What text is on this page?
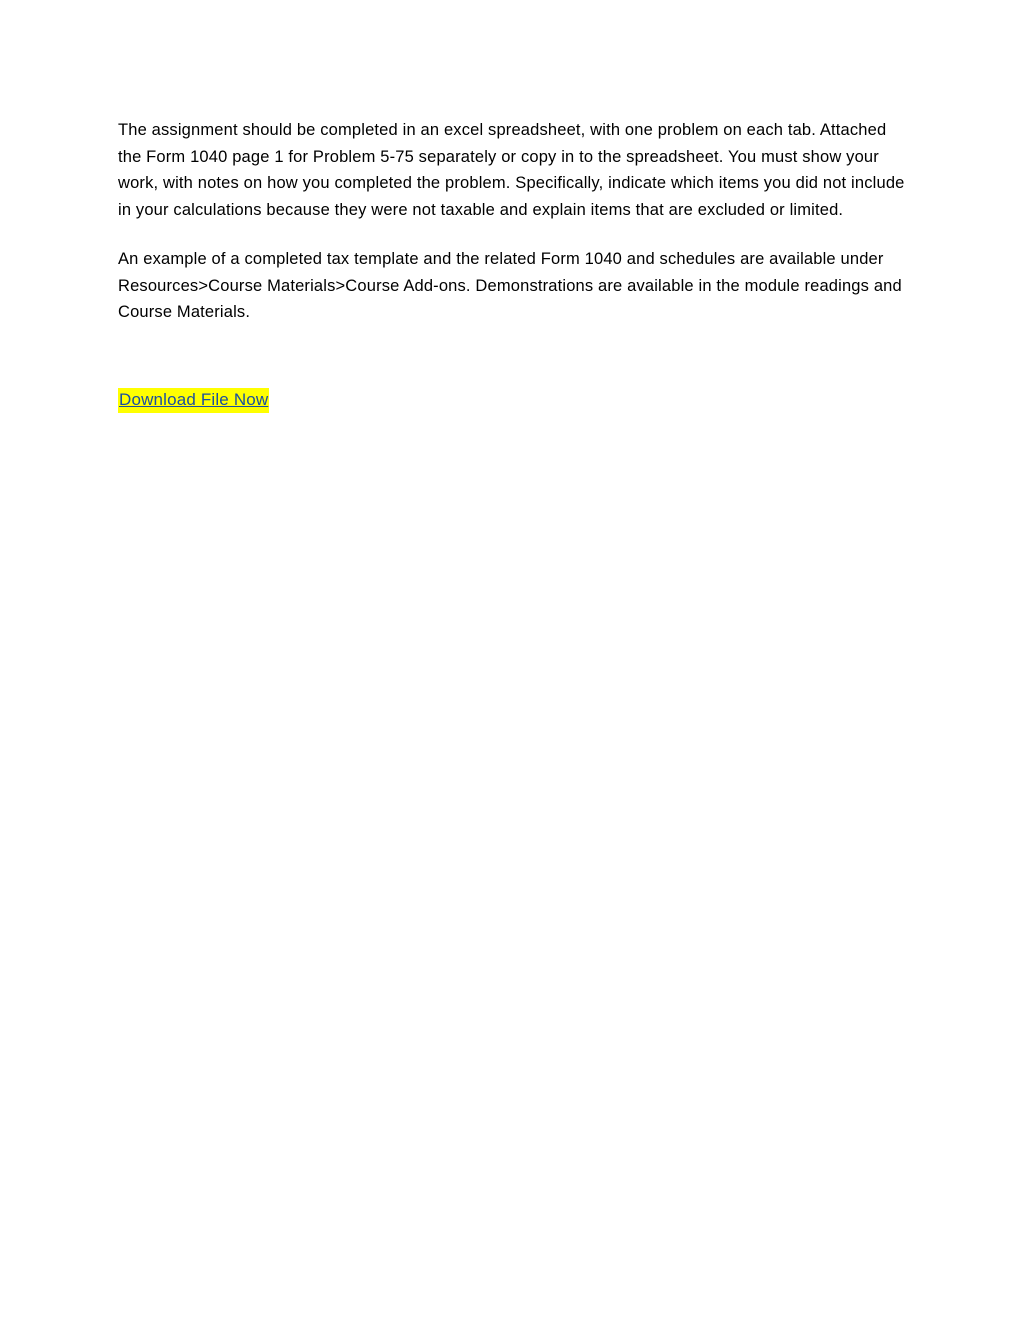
The assignment should be completed in an excel spreadsheet, with one problem on each tab. Attached the Form 1040 page 1 for Problem 5-75 separately or copy in to the spreadsheet. You must show your work, with notes on how you completed the problem. Specifically, indicate which items you did not include in your calculations because they were not taxable and explain items that are excluded or limited.

An example of a completed tax template and the related Form 1040 and schedules are available under Resources>Course Materials>Course Add-ons. Demonstrations are available in the module readings and Course Materials.

Download File Now
